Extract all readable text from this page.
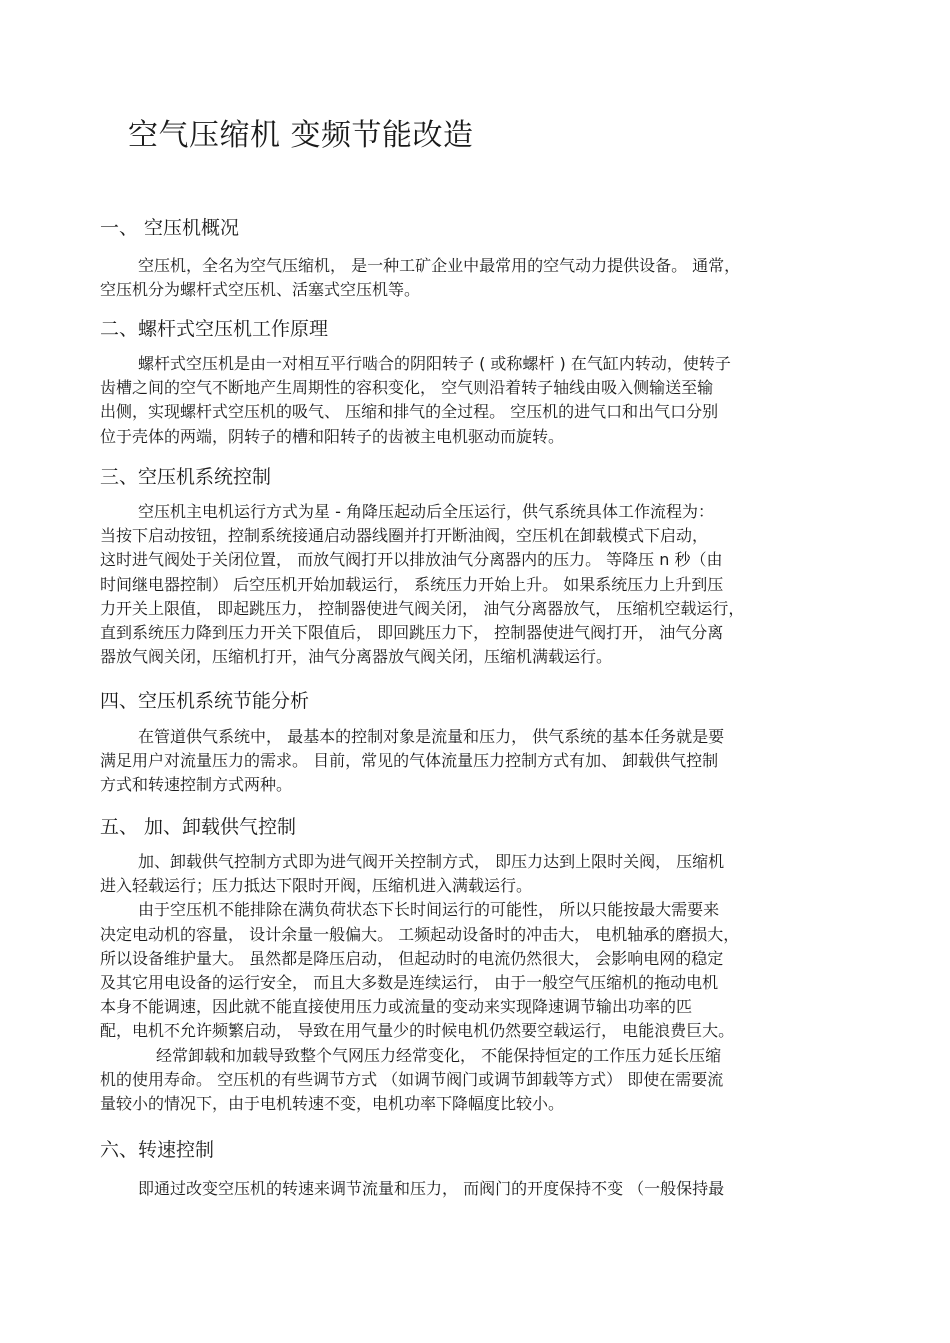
空气压缩机 变频节能改造
一、 空压机概况
空压机，全名为空气压缩机， 是一种工矿企业中最常用的空气动力提供设备。 通常，
空压机分为螺杆式空压机、活塞式空压机等。
二、螺杆式空压机工作原理
螺杆式空压机是由一对相互平行啮合的阴阳转子 ( 或称螺杆 ) 在气缸内转动，使转子
齿槽之间的空气不断地产生周期性的容积变化， 空气则沿着转子轴线由吸入侧输送至输
出侧，实现螺杆式空压机的吸气、 压缩和排气的全过程。 空压机的进气口和出气口分别
位于壳体的两端，阴转子的槽和阳转子的齿被主电机驱动而旋转。
三、空压机系统控制
空压机主电机运行方式为星 - 角降压起动后全压运行，供气系统具体工作流程为：
当按下启动按钮，控制系统接通启动器线圈并打开断油阀，空压机在卸载模式下启动，
这时进气阀处于关闭位置， 而放气阀打开以排放油气分离器内的压力。 等降压 n 秒（由
时间继电器控制） 后空压机开始加载运行， 系统压力开始上升。 如果系统压力上升到压
力开关上限值， 即起跳压力， 控制器使进气阀关闭， 油气分离器放气， 压缩机空载运行，
直到系统压力降到压力开关下限值后， 即回跳压力下， 控制器使进气阀打开， 油气分离
器放气阀关闭，压缩机打开，油气分离器放气阀关闭，压缩机满载运行。
四、空压机系统节能分析
在管道供气系统中， 最基本的控制对象是流量和压力， 供气系统的基本任务就是要
满足用户对流量压力的需求。 目前，常见的气体流量压力控制方式有加、 卸载供气控制
方式和转速控制方式两种。
五、 加、卸载供气控制
加、卸载供气控制方式即为进气阀开关控制方式， 即压力达到上限时关阀， 压缩机
进入轻载运行；压力抵达下限时开阀，压缩机进入满载运行。
由于空压机不能排除在满负荷状态下长时间运行的可能性， 所以只能按最大需要来
决定电动机的容量， 设计余量一般偏大。 工频起动设备时的冲击大， 电机轴承的磨损大，
所以设备维护量大。 虽然都是降压启动， 但起动时的电流仍然很大， 会影响电网的稳定
及其它用电设备的运行安全， 而且大多数是连续运行， 由于一般空气压缩机的拖动电机
本身不能调速，因此就不能直接使用压力或流量的变动来实现降速调节输出功率的匹
配，电机不允许频繁启动， 导致在用气量少的时候电机仍然要空载运行， 电能浪费巨大。
经常卸载和加载导致整个气网压力经常变化， 不能保持恒定的工作压力延长压缩
机的使用寿命。 空压机的有些调节方式 （如调节阀门或调节卸载等方式） 即使在需要流
量较小的情况下，由于电机转速不变，电机功率下降幅度比较小。
六、转速控制
即通过改变空压机的转速来调节流量和压力， 而阀门的开度保持不变 （一般保持最
